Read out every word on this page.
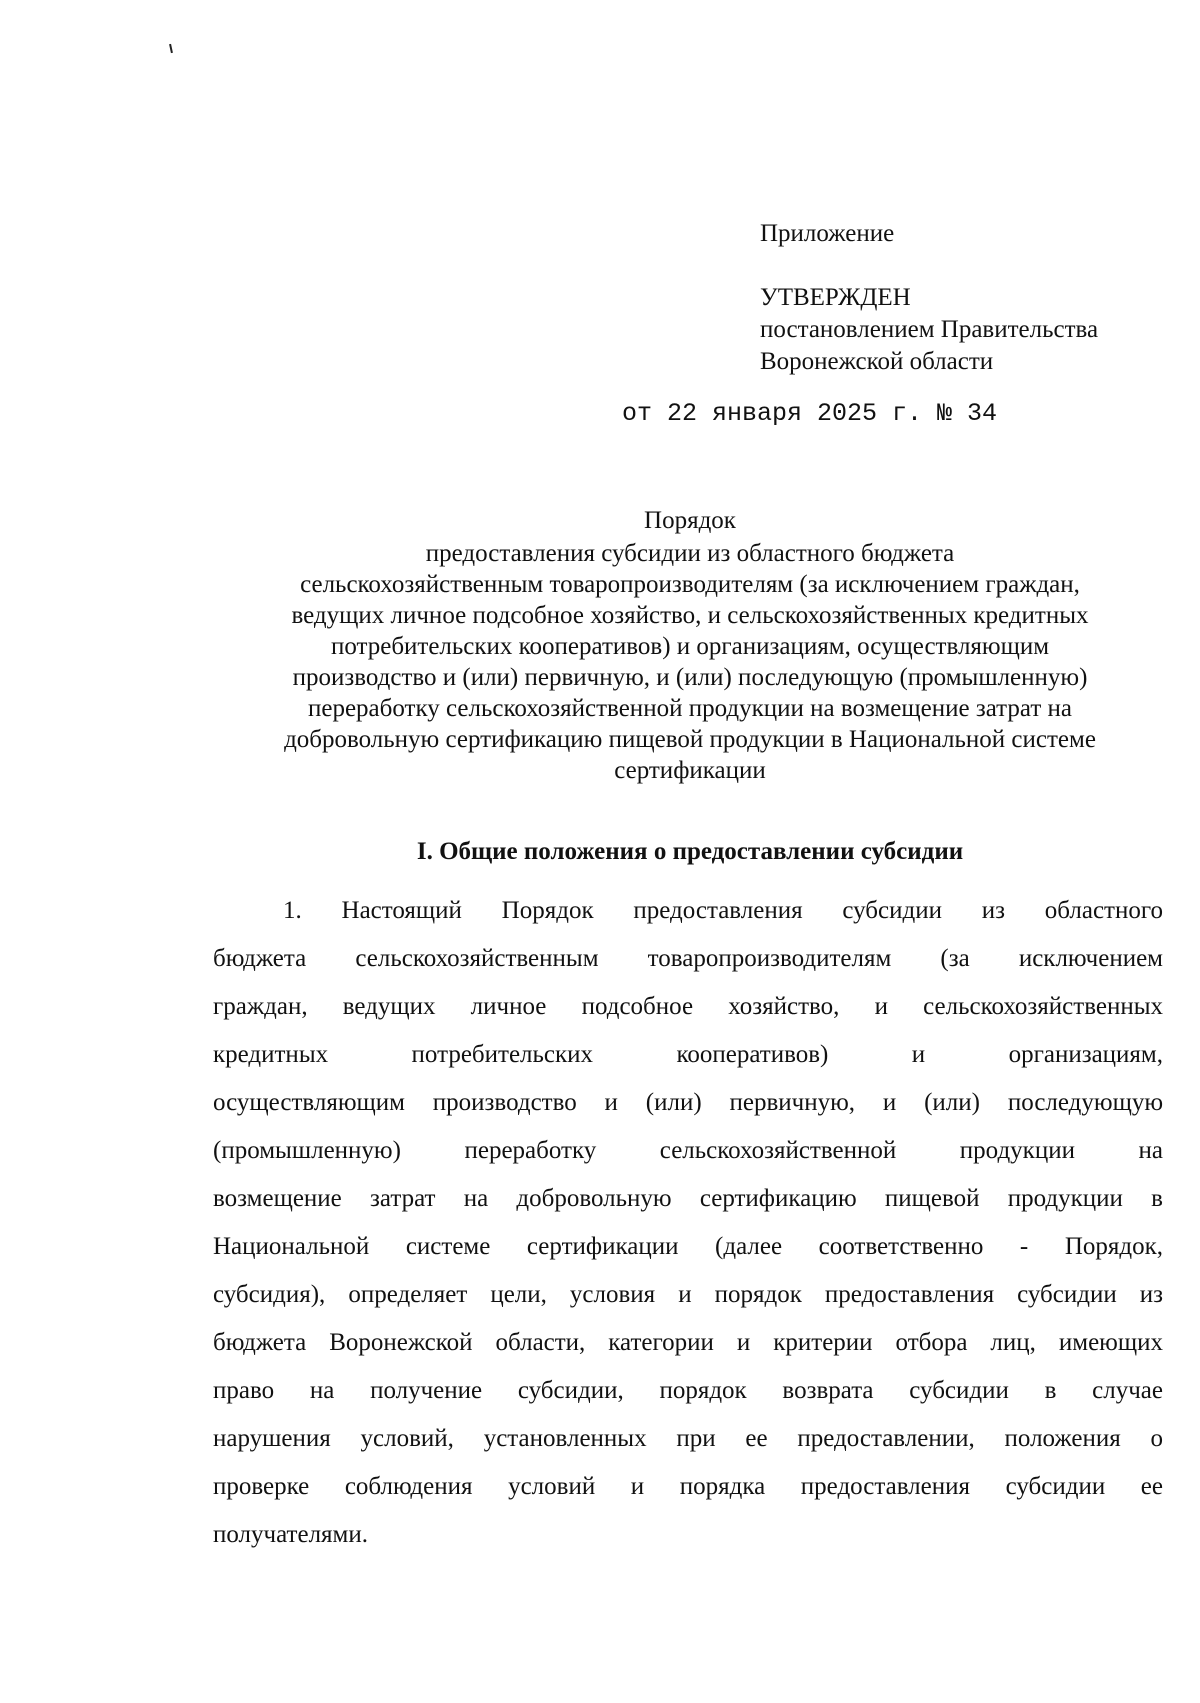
Приложение
УТВЕРЖДЕН
постановлением Правительства
Воронежской области
от 22 января 2025 г. № 34
Порядок
предоставления субсидии из областного бюджета
сельскохозяйственным товаропроизводителям (за исключением граждан,
ведущих личное подсобное хозяйство, и сельскохозяйственных кредитных
потребительских кооперативов) и организациям, осуществляющим
производство и (или) первичную, и (или) последующую (промышленную)
переработку сельскохозяйственной продукции на возмещение затрат на
добровольную сертификацию пищевой продукции в Национальной системе
сертификации
I. Общие положения о предоставлении субсидии
1. Настоящий Порядок предоставления субсидии из областного
бюджета сельскохозяйственным товаропроизводителям (за исключением
граждан, ведущих личное подсобное хозяйство, и сельскохозяйственных
кредитных потребительских кооперативов) и организациям,
осуществляющим производство и (или) первичную, и (или) последующую
(промышленную) переработку сельскохозяйственной продукции на
возмещение затрат на добровольную сертификацию пищевой продукции в
Национальной системе сертификации (далее соответственно - Порядок,
субсидия), определяет цели, условия и порядок предоставления субсидии из
бюджета Воронежской области, категории и критерии отбора лиц, имеющих
право на получение субсидии, порядок возврата субсидии в случае
нарушения условий, установленных при ее предоставлении, положения о
проверке соблюдения условий и порядка предоставления субсидии ее
получателями.
